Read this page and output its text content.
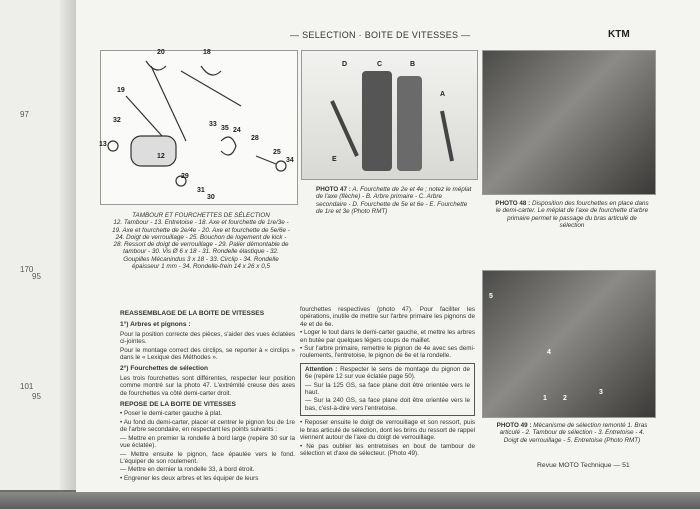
97
170
95
101
95
— SELECTION · BOITE DE VITESSES —	KTM
20	18
19
32
33
35 24
28
13
12
25
34
29
31
30
TAMBOUR ET FOURCHETTES DE SÉLECTION
12. Tambour - 13. Entretoise - 18. Axe et fourchette de 1re/3e - 19. Axe et fourchette de 2e/4e - 20. Axe et fourchette de 5e/6e - 24. Doigt de verrouillage - 25. Bouchon de logement de kick - 28. Ressort de doigt de verrouillage - 29. Palier démontable de tambour - 30. Vis Ø 6 x 18 - 31. Rondelle élastique - 32. Goupilles Mécanindus 3 x 18 - 33. Circlip - 34. Rondelle épaisseur 1 mm - 34. Rondelle-frein 14 x 26 x 0,5
D	C	B
A
E
PHOTO 47 : A. Fourchette de 2e et 4e ; notez le méplat de l'axe (flèche) - B. Arbre primaire - C. Arbre secondaire - D. Fourchette de 5e et 6e - E. Fourchette de 1re et 3e (Photo RMT)
PHOTO 48 : Disposition des fourchettes en place dans le demi-carter. Le méplat de l'axe de fourchette d'arbre primaire permet le passage du bras articulé de sélection
5
4
1 2
3
PHOTO 49 : Mécanisme de sélection remonté 1. Bras articulé - 2. Tambour de sélection - 3. Entretoise - 4. Doigt de verrouillage - 5. Entretoise (Photo RMT)
REASSEMBLAGE DE LA BOITE DE VITESSES
1°) Arbres et pignons :

Pour la position correcte des pièces, s'aider des vues éclatées ci-jointes.

Pour le montage correct des circlips, se reporter à « circlips » dans le « Lexique des Méthodes ».

2°) Fourchettes de sélection

Les trois fourchettes sont différentes, respecter leur position comme montré sur la photo 47. L'extrémité creuse des axes de fourchettes va côté demi-carter droit.

REPOSE DE LA BOITE DE VITESSES

• Poser le demi-carter gauche à plat.

• Au fond du demi-carter, placer et centrer le pignon fou de 1re de l'arbre secondaire, en respectant les points suivants :

— Mettre en premier la rondelle à bord large (repère 30 sur la vue éclatée).

— Mettre ensuite le pignon, face épaulée vers le fond. L'équiper de son roulement.

— Mettre en dernier la rondelle 33, à bord étroit.

• Engrener les deux arbres et les équiper de leurs

fourchettes respectives (photo 47). Pour faciliter les opérations, inutile de mettre sur l'arbre primaire les pignons de 4e et de 6e.

• Loger le tout dans le demi-carter gauche, et mettre les arbres en butée par quelques légers coups de maillet.

• Sur l'arbre primaire, remettre le pignon de 4e avec ses demi-roulements, l'entretoise, le pignon de 6e et la rondelle.

Attention : Respecter le sens de montage du pignon de 6e (repère 12 sur vue éclatée page 50).

— Sur la 125 GS, sa face plane doit être orientée vers le haut.

— Sur la 240 GS, sa face plane doit être orientée vers le bas, c'est-à-dire vers l'entretoise.

• Reposer ensuite le doigt de verrouillage et son ressort, puis le bras articulé de sélection, dont les brins du ressort de rappel viennent autour de l'axe du doigt de verrouillage.

• Ne pas oublier les entretoises en bout de tambour de sélection et d'axe de sélecteur. (Photo 49).

Revue MOTO Technique — 51
